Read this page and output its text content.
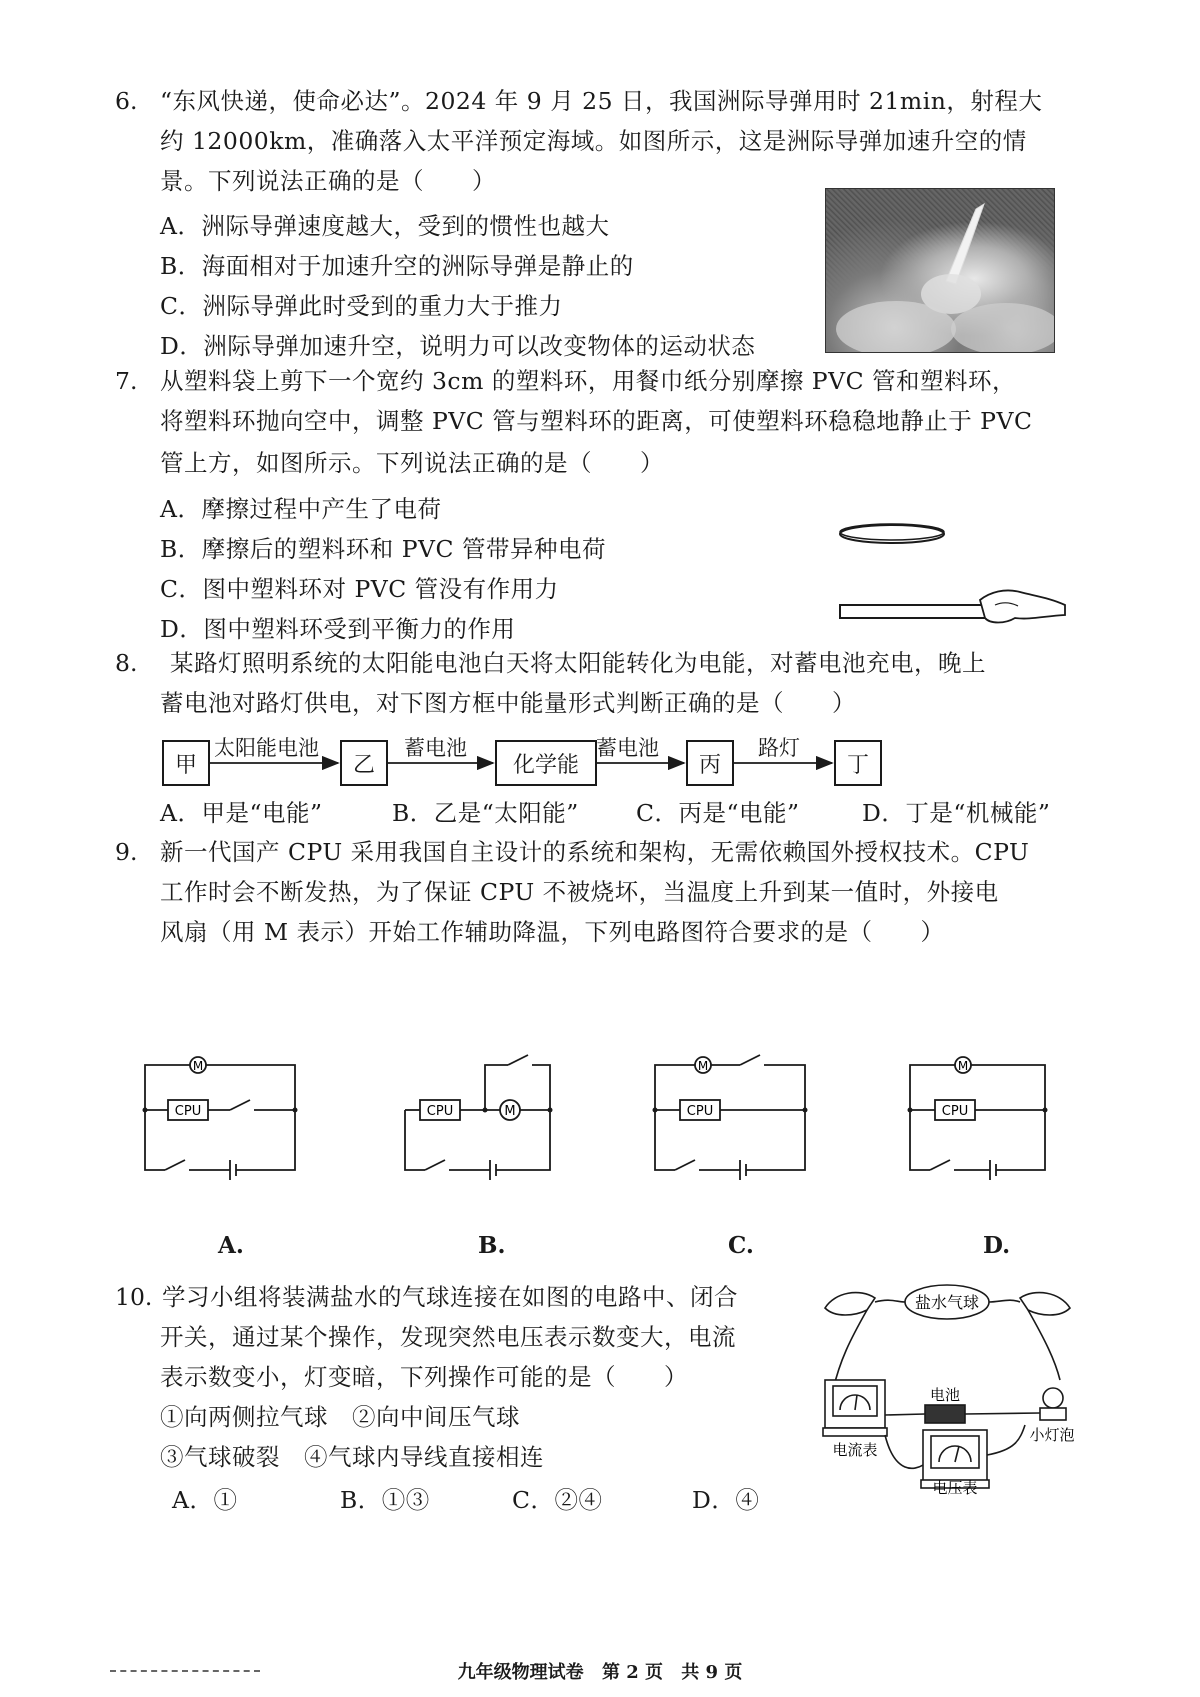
6. “东风快递，使命必达”。2024 年 9 月 25 日，我国洲际导弹用时 21min，射程大
约 12000km，准确落入太平洋预定海域。如图所示，这是洲际导弹加速升空的情
景。下列说法正确的是（　　）
A．洲际导弹速度越大，受到的惯性也越大
B．海面相对于加速升空的洲际导弹是静止的
C．洲际导弹此时受到的重力大于推力
D．洲际导弹加速升空，说明力可以改变物体的运动状态
7. 从塑料袋上剪下一个宽约 3cm 的塑料环，用餐巾纸分别摩擦 PVC 管和塑料环，
将塑料环抛向空中，调整 PVC 管与塑料环的距离，可使塑料环稳稳地静止于 PVC
管上方，如图所示。下列说法正确的是（　　）
A．摩擦过程中产生了电荷
B．摩擦后的塑料环和 PVC 管带异种电荷
C．图中塑料环对 PVC 管没有作用力
D．图中塑料环受到平衡力的作用
8. 某路灯照明系统的太阳能电池白天将太阳能转化为电能，对蓄电池充电，晚上
蓄电池对路灯供电，对下图方框中能量形式判断正确的是（　　）
甲	乙	化学能	丙	丁
太阳能电池	蓄电池	蓄电池	路灯
A．甲是“电能”	B．乙是“太阳能” C．丙是“电能”	D．丁是“机械能”
9. 新一代国产 CPU 采用我国自主设计的系统和架构，无需依赖国外授权技术。CPU
工作时会不断发热，为了保证 CPU 不被烧坏，当温度上升到某一值时，外接电
风扇（用 M 表示）开始工作辅助降温，下列电路图符合要求的是（　　）
M
CPU	M
CPU
M
CPU
M
CPU
A.	B.	C.	D.
10. 学习小组将装满盐水的气球连接在如图的电路中、闭合
开关，通过某个操作，发现突然电压表示数变大，电流
表示数变小，灯变暗，下列操作可能的是（　　）
①向两侧拉气球　②向中间压气球
③气球破裂　④气球内导线直接相连
A．①	B．①③	C．②④	D．④
盐水气球
电池
电流表
小灯泡
电压表
九年级物理试卷 第 2 页 共 9 页
